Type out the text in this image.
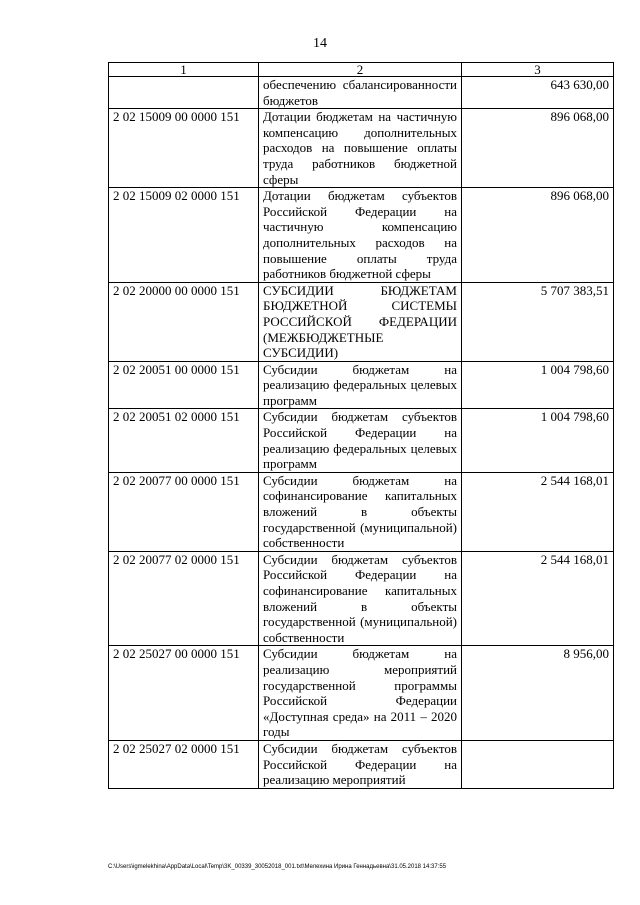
14
1	2	3
	обеспечению сбалансированности бюджетов	643 630,00
2 02 15009 00 0000 151	Дотации бюджетам на частичную компенсацию дополнительных расходов на повышение оплаты труда работников бюджетной сферы	896 068,00
2 02 15009 02 0000 151	Дотации бюджетам субъектов Российской Федерации на частичную компенсацию дополнительных расходов на повышение оплаты труда работников бюджетной сферы	896 068,00
2 02 20000 00 0000 151	СУБСИДИИ БЮДЖЕТАМ БЮДЖЕТНОЙ СИСТЕМЫ РОССИЙСКОЙ ФЕДЕРАЦИИ (МЕЖБЮДЖЕТНЫЕ СУБСИДИИ)	5 707 383,51
2 02 20051 00 0000 151	Субсидии бюджетам на реализацию федеральных целевых программ	1 004 798,60
2 02 20051 02 0000 151	Субсидии бюджетам субъектов Российской Федерации на реализацию федеральных целевых программ	1 004 798,60
2 02 20077 00 0000 151	Субсидии бюджетам на софинансирование капитальных вложений в объекты государственной (муниципальной) собственности	2 544 168,01
2 02 20077 02 0000 151	Субсидии бюджетам субъектов Российской Федерации на софинансирование капитальных вложений в объекты государственной (муниципальной) собственности	2 544 168,01
2 02 25027 00 0000 151	Субсидии бюджетам на реализацию мероприятий государственной программы Российской Федерации «Доступная среда» на 2011 – 2020 годы	8 956,00
2 02 25027 02 0000 151	Субсидии бюджетам субъектов Российской Федерации на реализацию мероприятий	
C:\Users\igmelekhina\AppData\Local\Temp\3K_00339_30052018_001.txt\Мелехина Ирина Геннадьевна\31.05.2018 14:37:55
